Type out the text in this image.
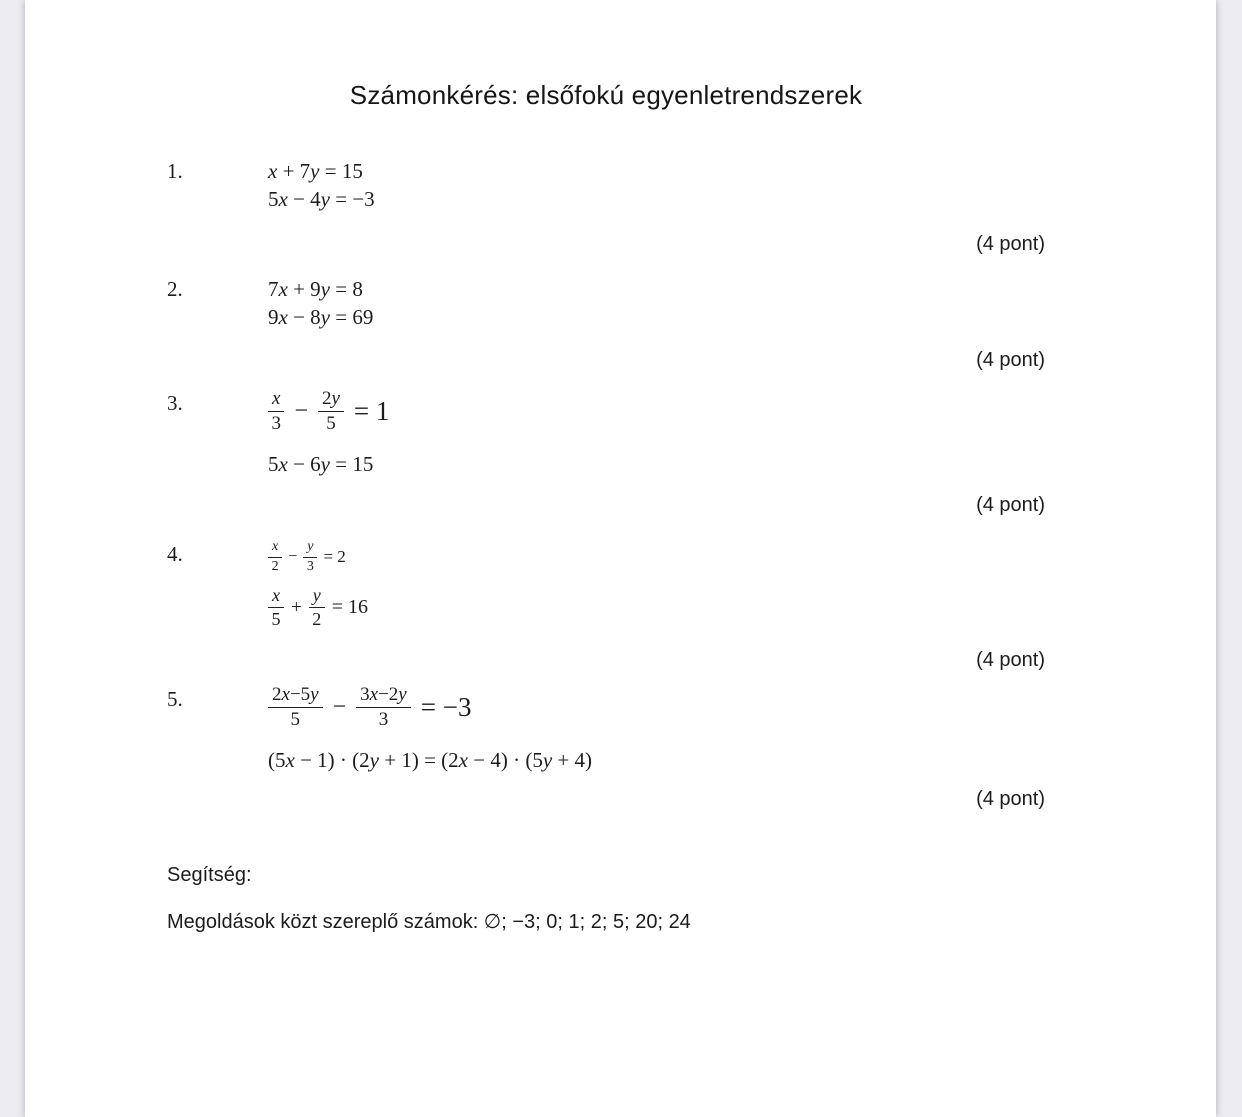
Számonkérés: elsőfokú egyenletrendszerek
1.	x + 7y = 15
5x − 4y = −3
(4 pont)
2.	7x + 9y = 8
9x − 8y = 69
(4 pont)
3.	$\frac{x}{3} - \frac{2y}{5} = 1$
5x − 6y = 15
(4 pont)
4.	$\frac{x}{2} - \frac{y}{3} = 2$
$\frac{x}{5} + \frac{y}{2} = 16$
(4 pont)
5.	$\frac{2x-5y}{5} - \frac{3x-2y}{3} = -3$
(5x − 1) · (2y + 1) = (2x − 4) · (5y + 4)
(4 pont)

Segítség:

Megoldások közt szereplő számok: ∅; −3; 0; 1; 2; 5; 20; 24
